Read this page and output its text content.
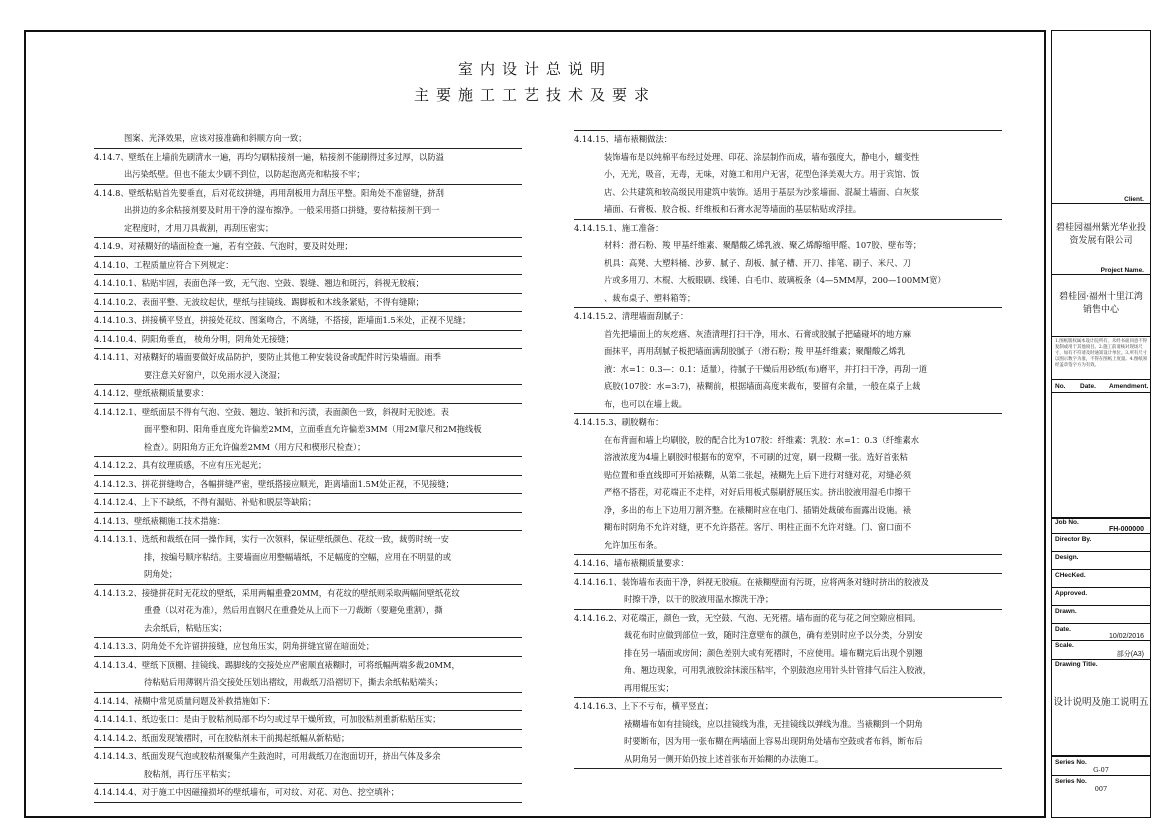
室内设计总说明
主要施工工艺技术及要求
图案、光泽效果，应该对接准确和斜顺方向一致；
4.14.7、壁纸在上墙前先刷清水一遍，再均匀刷粘接剂一遍，粘接剂不能刷得过多过厚，以防溢
出污染纸壁。但也不能太少刷不到位，以防起泡离壳和粘接不牢；
4.14.8、壁纸粘贴首先要垂直，后对花纹拼缝，再用刮板用力刮压平整。阳角处不准留缝，挤刮
出拼边的多余粘接剂要及时用干净的湿布擦净。一般采用搭口拼缝，要待粘接剂干到一
定程度时，才用刀具裁割，再刮压密实；
4.14.9、对裱糊好的墙面检查一遍，若有空鼓、气泡时，要及时处理；
4.14.10、工程质量应符合下列规定：
4.14.10.1、粘贴牢固，表面色泽一致，无气泡、空鼓、裂缝、翘边和斑污，斜视无胶痕；
4.14.10.2、表面平整、无波纹起伏，壁纸与挂镜线、踢脚板和木线条紧贴，不得有缝隙；
4.14.10.3、拼接横平竖直，拼接处花纹、图案吻合，不离缝，不搭接，距墙面1.5米处，正视不见缝；
4.14.10.4、阴阳角垂直， 棱角分明，阴角处无接缝；
4.14.11、对裱糊好的墙面要做好成品防护，要防止其他工种安装设备或配件时污染墙面。雨季
要注意关好窗户，以免雨水浸入浇湿；
4.14.12、壁纸裱糊质量要求：
4.14.12.1、壁纸面层不得有气泡、空鼓、翘边、皱折和污渍，表面颜色一致，斜视时无胶迹。表
面平整和阴、阳角垂直度允许偏差2MM，立面垂直允许偏差3MM（用2M靠尺和2M拖线板
检查）。阴阳角方正允许偏差2MM（用方尺和楔形尺检查）；
4.14.12.2、具有纹理质感，不应有压光起光；
4.14.12.3、拼花拼缝吻合，各幅拼缝严密，壁纸搭接应顺光，距离墙面1.5M处正视，不见接缝；
4.14.12.4、上下不缺纸，不得有漏贴、补贴和脱层等缺陷；
4.14.13、壁纸裱糊施工技术措施：
4.14.13.1、选纸和裁纸在同一操作间，实行一次领料，保证壁纸颜色、花纹一致，裁剪时统一安
排，按编号顺序粘结。主要墙面应用整幅墙纸，不足幅度的空幅，应用在不明显的或
阴角处；
4.14.13.2、接缝拼花时无花纹的壁纸，采用两幅重叠20MM，有花纹的壁纸则采取两幅间壁纸花纹
重叠（以对花为准），然后用直钢尺在重叠处从上而下一刀裁断（要避免重割），撕
去余纸后，粘贴压实；
4.14.13.3、阴角处不允许留拼接缝，应包角压实，阴角拼缝宜留在暗面处；
4.14.13.4、壁纸下顶棚、挂镜线、踢脚线的交接处应严密顺直裱糊时，可将纸幅两端多裁20MM，
待粘贴后用薄钢片沿交接处压划出褶纹，用裁纸刀沿褶切下，撕去余纸粘贴端头；
4.14.14、裱糊中常见质量问题及补救措施如下：
4.14.14.1、纸边张口：是由于胶粘剂局部不均匀或过早干燥所致，可加胶粘剂重新粘贴压实；
4.14.14.2、纸面发现皱褶时，可在胶粘剂未干前揭起纸幅从新粘贴；
4.14.14.3、纸面发现气泡或胶粘剂聚集产生鼓泡时，可用裁纸刀在泡面切开，挤出气体及多余
胶粘剂，再行压平粘实；
4.14.14.4、对于施工中因磁撞损坏的壁纸墙布，可对纹、对花、对色、挖空填补；
4.14.15、墙布裱糊做法：
装饰墙布是以纯棉平布经过处理、印花、涂层制作而成，墙布强度大，静电小，蠕变性
小，无光，吸音，无毒，无味，对施工和用户无害，花型色泽美观大方。用于宾馆、饭
店、公共建筑和较高级民用建筑中装饰。适用于基层为沙浆墙面、混凝土墙面、白灰浆
墙面、石膏板、胶合板、纤维板和石膏水泥等墙面的基层粘贴或浮挂。
4.14.15.1、施工准备：
材料：滑石粉、羧 甲基纤维素、聚醋酸乙烯乳液、聚乙烯醇缩甲醛、107胶、壁布等；
机具：高凳、大塑料桶、沙萝、腻子、刮板、腻子槽、开刀、排笔、刷子、米尺、刀
片或多用刀、木棍、大板眼刷、线锤、白毛巾、玻璃板条（4—5MM厚，200—100MM宽）
、裁布桌子、塑料箱等；
4.14.15.2、清理墙面刮腻子：
首先把墙面上的灰疙瘩、灰渣清理打扫干净，用水、石膏或胶腻子把磕碰坏的地方麻
面抹平，再用刮腻子板把墙面满刮胶腻子（滑石粉；羧 甲基纤维素；聚醋酸乙烯乳
液：水=1：0.3—：0.1：适量），待腻子干燥后用砂纸(布)磨平，并打扫干净，再刮一道
底胶(107胶：水=3:7)，裱糊前，根据墙面高度来裁布，要留有余量，一般在桌子上裁
布，也可以在墙上裁。
4.14.15.3、刷胶糊布：
在布背面和墙上均刷胶，胶的配合比为107胶：纤维素：乳胶：水=1：0.3（纤维素水
溶液浓度为4墙上刷胶时根据布的宽窄，不可刷的过宽，刷一段糊一张。选好首张粘
贴位置和垂直线即可开始裱糊，从第二张起，裱糊先上后下进行对缝对花，对缝必须
严格不搭茬，对花端正不走样，对好后用板式鬃刷舒展压实。挤出胶液用湿毛巾擦干
净，多出的布上下边用刀割齐整。在裱糊时应在电门、插销处裁破布面露出设施。裱
糊布时阴角不允许对缝，更不允许搭茬。客厅、明柱正面不允许对缝。门、窗口面不
允许加压布条。
4.14.16、墙布裱糊质量要求：
4.14.16.1、装饰墙布表面干净，斜视无胶痕。在裱糊壁面有污斑，应将两条对缝时挤出的胶液及
时擦干净，以干的胶液用温水擦洗干净；
4.14.16.2、对花端正，颜色一致，无空鼓、气泡、无死褶。墙布面的花与花之间空隙应相同。
裁花布时应做到部位一致，随时注意壁布的颜色，确有差别时应予以分类，分别安
排在另一墙面或房间；颜色差别大或有死褶时，不应使用。墙布糊完后出现个别翘
角、翘边现象，可用乳液胶涂抹滚压粘牢，个别鼓泡应用针头针管排气后注入胶液，
再用辊压实；
4.14.16.3、上下不亏布，横平竖直；
裱糊墙布如有挂镜线，应以挂镜线为准，无挂镜线以弹线为准。当裱糊到一个阴角
时要断布，因为用一张布糊在两墙面上容易出现阴角处墙布空鼓或者布斜，断布后
从阴角另一侧开始仍按上述首张布开始糊的办法施工。
Client.
碧桂园福州紫光华业投资发展有限公司
Project Name.
碧桂园·福州十里江湾销售中心
1.图纸版权属本设计院所有，未经书面同意不得复制或用于其他项目。2.施工前请核对现场尺寸，如有不符请及时通知设计单位。3.所有尺寸以图示数字为准，不得在图纸上度量。4.图纸须经盖章签字方为有效。
No.	Date.	Amendment.
Job No.
FH-000000
Director By.
Design.
CHecKed.
Approved.
Drawn.
Date.
10/02/2016
Scale.
部分(A3)
Drawing Title.
设计说明及施工说明五
Series No.
G-07
Series No.
007
